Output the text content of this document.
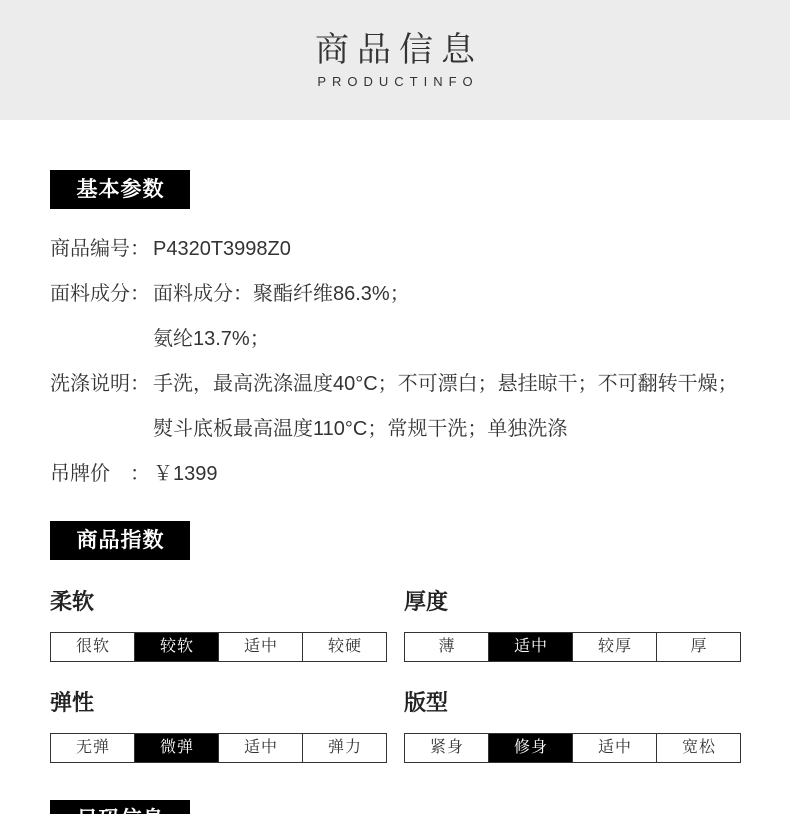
商品信息
PRODUCTINFO
基本参数
商品编号： P4320T3998Z0
面料成分： 面料成分：聚酯纤维86.3%；
氨纶13.7%；
洗涤说明： 手洗，最高洗涤温度40°C；不可漂白；悬挂晾干；不可翻转干燥；
熨斗底板最高温度110°C；常规干洗；单独洗涤
吊牌价　： ￥1399
商品指数
柔软
很软	较软	适中	较硬
厚度
薄	适中	较厚	厚
弹性
无弹	微弹	适中	弹力
版型
紧身	修身	适中	宽松
尺码信息
